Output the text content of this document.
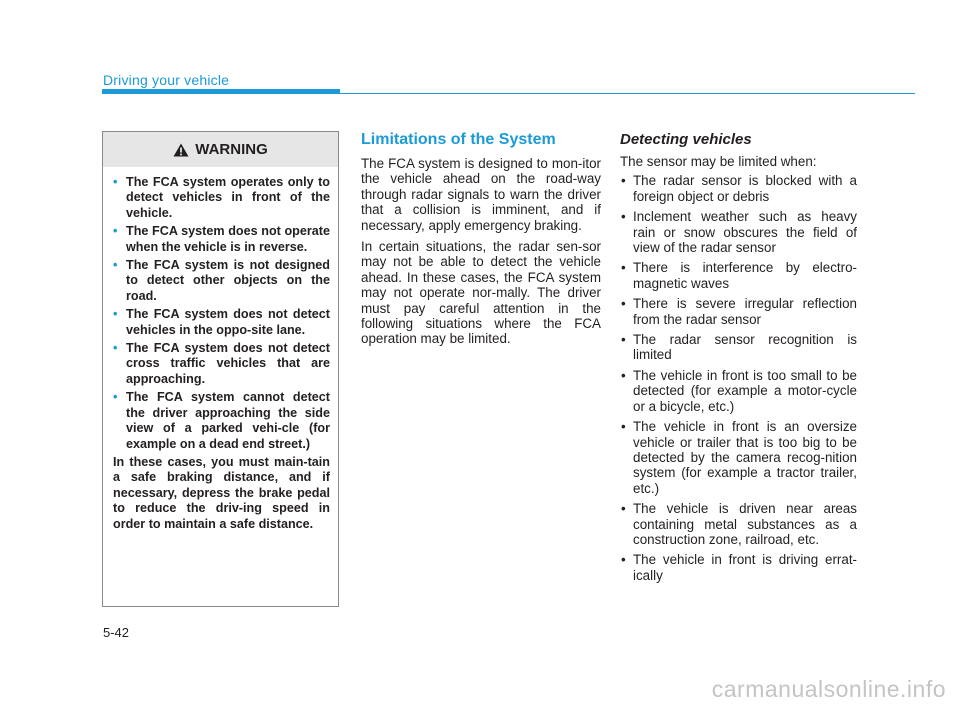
Driving your vehicle
WARNING
• The FCA system operates only to detect vehicles in front of the vehicle.
• The FCA system does not operate when the vehicle is in reverse.
• The FCA system is not designed to detect other objects on the road.
• The FCA system does not detect vehicles in the oppo-site lane.
• The FCA system does not detect cross traffic vehicles that are approaching.
• The FCA system cannot detect the driver approaching the side view of a parked vehi-cle (for example on a dead end street.)
In these cases, you must main-tain a safe braking distance, and if necessary, depress the brake pedal to reduce the driv-ing speed in order to maintain a safe distance.
Limitations of the System

The FCA system is designed to mon-itor the vehicle ahead on the road-way through radar signals to warn the driver that a collision is imminent, and if necessary, apply emergency braking.

In certain situations, the radar sen-sor may not be able to detect the vehicle ahead. In these cases, the FCA system may not operate nor-mally. The driver must pay careful attention in the following situations where the FCA operation may be limited.

Detecting vehicles

The sensor may be limited when:

• The radar sensor is blocked with a foreign object or debris
• Inclement weather such as heavy rain or snow obscures the field of view of the radar sensor
• There is interference by electro-magnetic waves
• There is severe irregular reflection from the radar sensor
• The radar sensor recognition is limited
• The vehicle in front is too small to be detected (for example a motor-cycle or a bicycle, etc.)
• The vehicle in front is an oversize vehicle or trailer that is too big to be detected by the camera recog-nition system (for example a tractor trailer, etc.)
• The vehicle is driven near areas containing metal substances as a construction zone, railroad, etc.
• The vehicle in front is driving errat-ically
5-42
carmanualsonline.info
